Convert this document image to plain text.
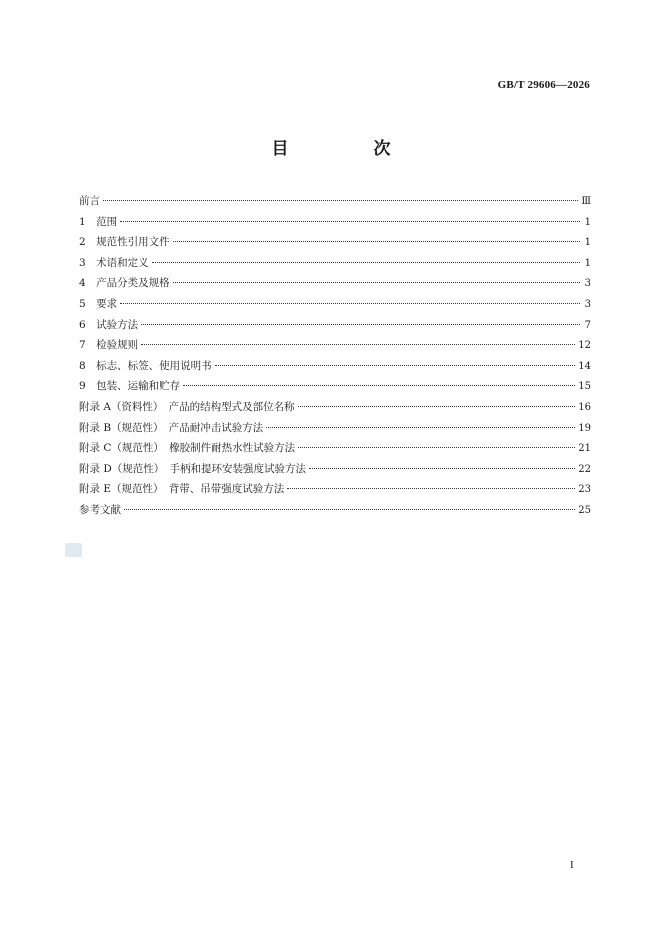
GB/T 29606—2026
目　次
前言	Ⅲ
1　范围	1
2　规范性引用文件	1
3　术语和定义	1
4　产品分类及规格	3
5　要求	3
6　试验方法	7
7　检验规则	12
8　标志、标签、使用说明书	14
9　包装、运输和贮存	15
附录 A（资料性）　产品的结构型式及部位名称	16
附录 B（规范性）　产品耐冲击试验方法	19
附录 C（规范性）　橡胶制件耐热水性试验方法	21
附录 D（规范性）　手柄和提环安装强度试验方法	22
附录 E（规范性）　背带、吊带强度试验方法	23
参考文献	25
I
